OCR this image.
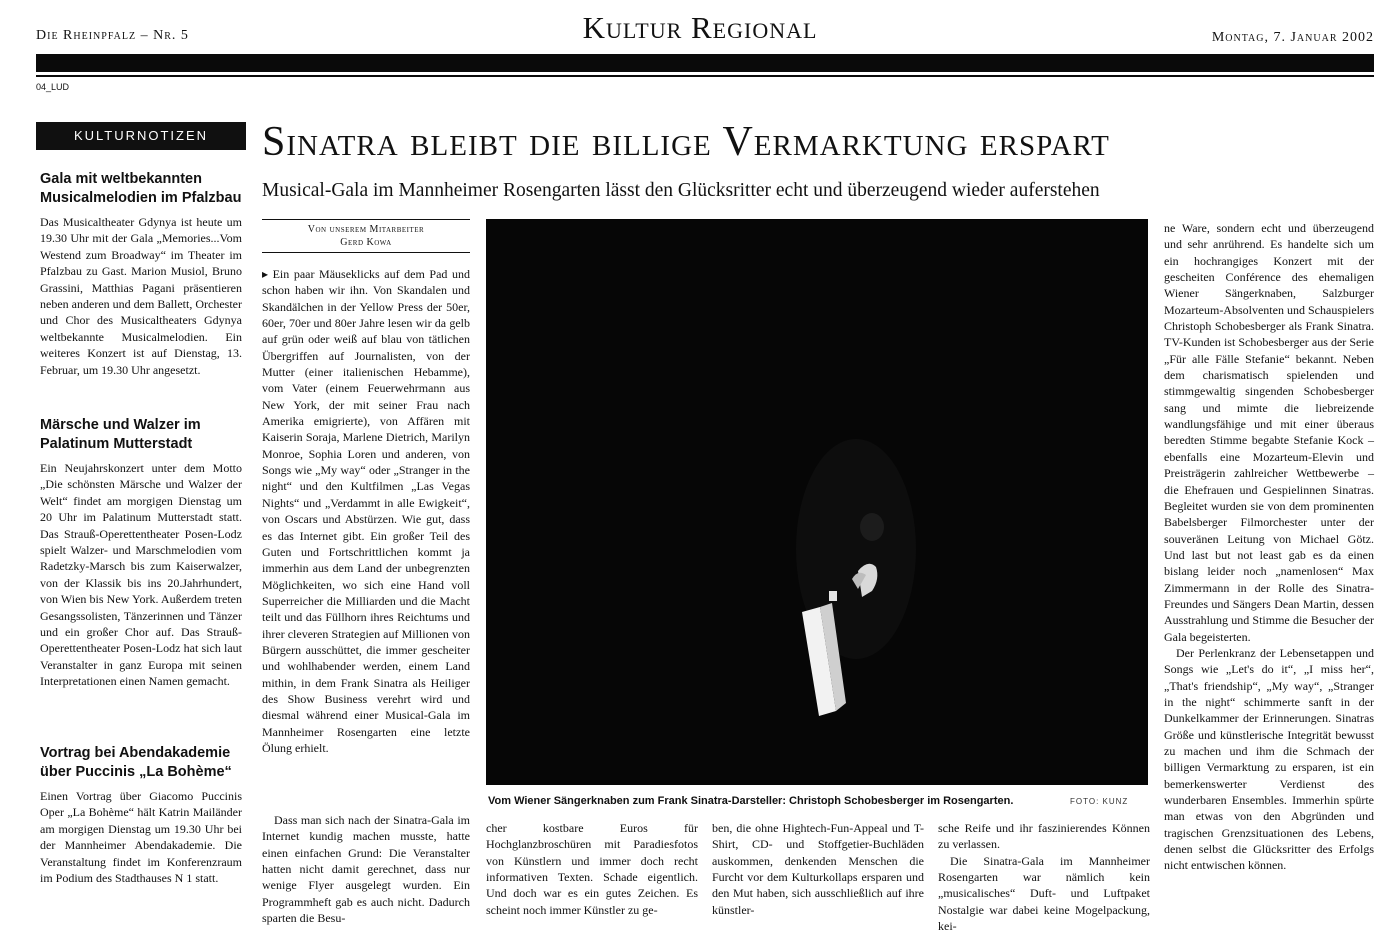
Die Rheinpfalz – Nr. 5	Kultur Regional	Montag, 7. Januar 2002
04_LUD
KULTURNOTIZEN
Gala mit weltbekannten Musicalmelodien im Pfalzbau

Das Musicaltheater Gdynya ist heute um 19.30 Uhr mit der Gala „Memories...Vom Westend zum Broadway“ im Theater im Pfalzbau zu Gast. Marion Musiol, Bruno Grassini, Matthias Pagani präsentieren neben anderen und dem Ballett, Orchester und Chor des Musicaltheaters Gdynya weltbekannte Musicalmelodien. Ein weiteres Konzert ist auf Dienstag, 13. Februar, um 19.30 Uhr angesetzt.

Märsche und Walzer im Palatinum Mutterstadt

Ein Neujahrskonzert unter dem Motto „Die schönsten Märsche und Walzer der Welt“ findet am morgigen Dienstag um 20 Uhr im Palatinum Mutterstadt statt. Das Strauß-Operettentheater Posen-Lodz spielt Walzer- und Marschmelodien vom Radetzky-Marsch bis zum Kaiserwalzer, von der Klassik bis ins 20.Jahrhundert, von Wien bis New York. Außerdem treten Gesangssolisten, Tänzerinnen und Tänzer und ein großer Chor auf. Das Strauß-Operettentheater Posen-Lodz hat sich laut Veranstalter in ganz Europa mit seinen Interpretationen einen Namen gemacht.

Vortrag bei Abendakademie über Puccinis „La Bohème“

Einen Vortrag über Giacomo Puccinis Oper „La Bohème“ hält Katrin Mailänder am morgigen Dienstag um 19.30 Uhr bei der Mannheimer Abendakademie. Die Veranstaltung findet im Konferenzraum im Podium des Stadthauses N 1 statt.

Sinatra bleibt die billige Vermarktung erspart
Musical-Gala im Mannheimer Rosengarten lässt den Glücksritter echt und überzeugend wieder auferstehen
Von unserem Mitarbeiter
Gerd Kowa

▸ Ein paar Mäuseklicks auf dem Pad und schon haben wir ihn. Von Skandalen und Skandälchen in der Yellow Press der 50er, 60er, 70er und 80er Jahre lesen wir da gelb auf grün oder weiß auf blau von tätlichen Übergriffen auf Journalisten, von der Mutter (einer italienischen Hebamme), vom Vater (einem Feuerwehrmann aus New York, der mit seiner Frau nach Amerika emigrierte), von Affären mit Kaiserin Soraja, Marlene Dietrich, Marilyn Monroe, Sophia Loren und anderen, von Songs wie „My way“ oder „Stranger in the night“ und den Kultfilmen „Las Vegas Nights“ und „Verdammt in alle Ewigkeit“, von Oscars und Abstürzen. Wie gut, dass es das Internet gibt. Ein großer Teil des Guten und Fortschrittlichen kommt ja immerhin aus dem Land der unbegrenzten Möglichkeiten, wo sich eine Hand voll Superreicher die Milliarden und die Macht teilt und das Füllhorn ihres Reichtums und ihrer cleveren Strategien auf Millionen von Bürgern ausschüttet, die immer gescheiter und wohlhabender werden, einem Land mithin, in dem Frank Sinatra als Heiliger des Show Business verehrt wird und diesmal während einer Musical-Gala im Mannheimer Rosengarten eine letzte Ölung erhielt.

Dass man sich nach der Sinatra-Gala im Internet kundig machen musste, hatte einen einfachen Grund: Die Veranstalter hatten nicht damit gerechnet, dass nur wenige Flyer ausgelegt wurden. Ein Programmheft gab es auch nicht. Dadurch sparten die Besu-

Vom Wiener Sängerknaben zum Frank Sinatra-Darsteller: Christoph Schobesberger im Rosengarten.	FOTO: KUNZ

cher kostbare Euros für Hochglanzbroschüren mit Paradiesfotos von Künstlern und immer doch recht informativen Texten. Schade eigentlich. Und doch war es ein gutes Zeichen. Es scheint noch immer Künstler zu ge-

ben, die ohne Hightech-Fun-Appeal und T-Shirt, CD- und Stoffgetier-Buchläden auskommen, denkenden Menschen die Furcht vor dem Kulturkollaps ersparen und den Mut haben, sich ausschließlich auf ihre künstler-

sche Reife und ihr faszinierendes Können zu verlassen.

Die Sinatra-Gala im Mannheimer Rosengarten war nämlich kein „musicalisches“ Duft- und Luftpaket Nostalgie war dabei keine Mogelpackung, kei-

ne Ware, sondern echt und überzeugend und sehr anrührend. Es handelte sich um ein hochrangiges Konzert mit der gescheiten Conférence des ehemaligen Wiener Sängerknaben, Salzburger Mozarteum-Absolventen und Schauspielers Christoph Schobesberger als Frank Sinatra. TV-Kunden ist Schobesberger aus der Serie „Für alle Fälle Stefanie“ bekannt. Neben dem charismatisch spielenden und stimmgewaltig singenden Schobesberger sang und mimte die liebreizende wandlungsfähige und mit einer überaus beredten Stimme begabte Stefanie Kock – ebenfalls eine Mozarteum-Elevin und Preisträgerin zahlreicher Wettbewerbe – die Ehefrauen und Gespielinnen Sinatras. Begleitet wurden sie von dem prominenten Babelsberger Filmorchester unter der souveränen Leitung von Michael Götz. Und last but not least gab es da einen bislang leider noch „namenlosen“ Max Zimmermann in der Rolle des Sinatra-Freundes und Sängers Dean Martin, dessen Ausstrahlung und Stimme die Besucher der Gala begeisterten.

Der Perlenkranz der Lebensetappen und Songs wie „Let's do it“, „I miss her“, „That's friendship“, „My way“, „Stranger in the night“ schimmerte sanft in der Dunkelkammer der Erinnerungen. Sinatras Größe und künstlerische Integrität bewusst zu machen und ihm die Schmach der billigen Vermarktung zu ersparen, ist ein bemerkenswerter Verdienst des wunderbaren Ensembles. Immerhin spürte man etwas von den Abgründen und tragischen Grenzsituationen des Lebens, denen selbst die Glücksritter des Erfolgs nicht entwischen können.
